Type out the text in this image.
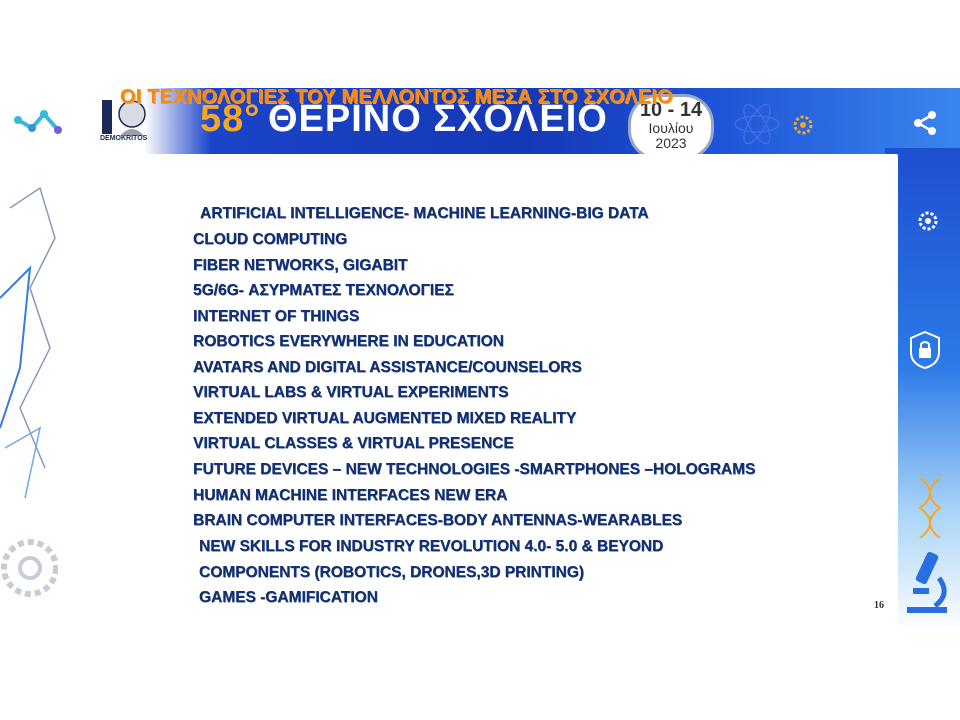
DEMOKRITOS 58° ΘΕΡΙΝΟ ΣΧΟΛΕΙΟ	10 - 14
Ιουλίου
2023
ΟΙ ΤΕΧΝΟΛΟΓΙΕΣ ΤΟΥ ΜΕΛΛΟΝΤΟΣ ΜΕΣΑ ΣΤΟ ΣΧΟΛΕΙΟ
ARTIFICIAL INTELLIGENCE- MACHINE LEARNING-BIG DATA
CLOUD COMPUTING
FIBER NETWORKS, GIGABIT
5G/6G- ΑΣΥΡΜΑΤΕΣ ΤΕΧΝΟΛΟΓΙΕΣ
INTERNET OF THINGS
ROBOTICS EVERYWHERE IN EDUCATION
AVATARS AND DIGITAL ASSISTANCE/COUNSELORS
VIRTUAL LABS & VIRTUAL EXPERIMENTS
EXTENDED VIRTUAL AUGMENTED MIXED REALITY
VIRTUAL CLASSES & VIRTUAL PRESENCE
FUTURE DEVICES – NEW TECHNOLOGIES -SMARTPHONES –HOLOGRAMS
HUMAN MACHINE INTERFACES NEW ERA
BRAIN COMPUTER INTERFACES-BODY ANTENNAS-WEARABLES
NEW SKILLS FOR INDUSTRY REVOLUTION 4.0- 5.0 & BEYOND
COMPONENTS (ROBOTICS, DRONES,3D PRINTING)
GAMES -GAMIFICATION	16
